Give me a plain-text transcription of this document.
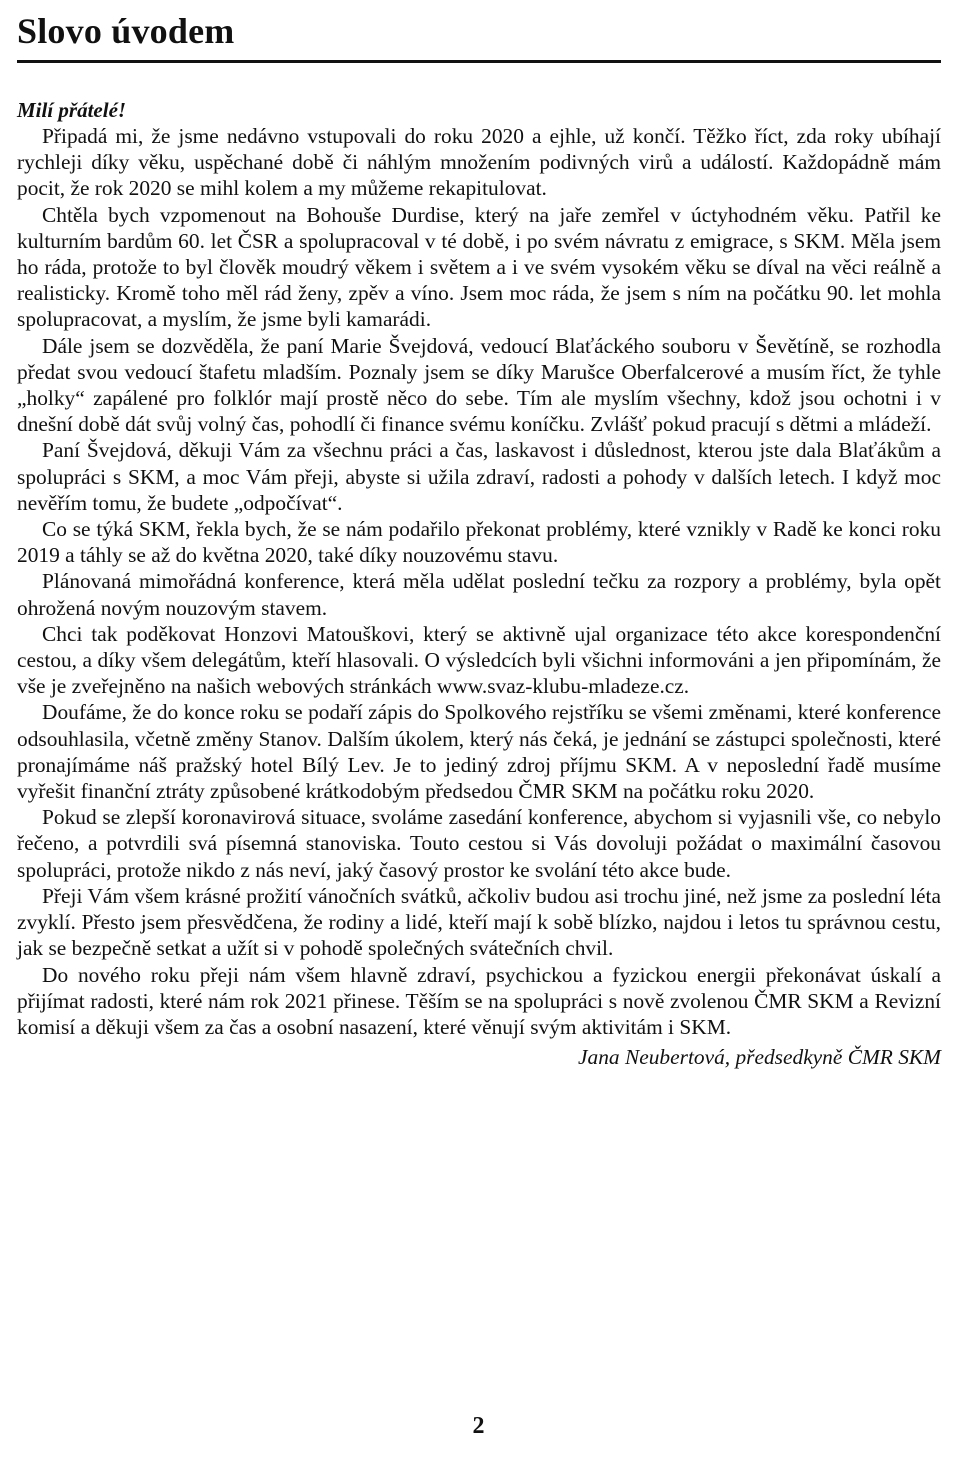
Slovo úvodem

Milí přátelé!

Připadá mi, že jsme nedávno vstupovali do roku 2020 a ejhle, už končí. Těžko říct, zda roky ubíhají rychleji díky věku, uspěchané době či náhlým množením podivných virů a událostí. Každopádně mám pocit, že rok 2020 se mihl kolem a my můžeme rekapitulovat.

Chtěla bych vzpomenout na Bohouše Durdise, který na jaře zemřel v úctyhodném věku. Patřil ke kulturním bardům 60. let ČSR a spolupracoval v té době, i po svém návratu z emigrace, s SKM. Měla jsem ho ráda, protože to byl člověk moudrý věkem i světem a i ve svém vysokém věku se díval na věci reálně a realisticky. Kromě toho měl rád ženy, zpěv a víno. Jsem moc ráda, že jsem s ním na počátku 90. let mohla spolupracovat, a myslím, že jsme byli kamarádi.

Dále jsem se dozvěděla, že paní Marie Švejdová, vedoucí Blaťáckého souboru v Ševětíně, se rozhodla předat svou vedoucí štafetu mladším. Poznaly jsem se díky Marušce Oberfalcerové a musím říct, že tyhle „holky“ zapálené pro folklór mají prostě něco do sebe. Tím ale myslím všechny, kdož jsou ochotni i v dnešní době dát svůj volný čas, pohodlí či finance svému koníčku. Zvlášť pokud pracují s dětmi a mládeží.

Paní Švejdová, děkuji Vám za všechnu práci a čas, laskavost i důslednost, kterou jste dala Blaťákům a spolupráci s SKM, a moc Vám přeji, abyste si užila zdraví, radosti a pohody v dalších letech. I když moc nevěřím tomu, že budete „odpočívat“.

Co se týká SKM, řekla bych, že se nám podařilo překonat problémy, které vznikly v Radě ke konci roku 2019 a táhly se až do května 2020, také díky nouzovému stavu.

Plánovaná mimořádná konference, která měla udělat poslední tečku za rozpory a problémy, byla opět ohrožená novým nouzovým stavem.

Chci tak poděkovat Honzovi Matouškovi, který se aktivně ujal organizace této akce korespondenční cestou, a díky všem delegátům, kteří hlasovali. O výsledcích byli všichni informováni a jen připomínám, že vše je zveřejněno na našich webových stránkách www.svaz-klubu-mladeze.cz.

Doufáme, že do konce roku se podaří zápis do Spolkového rejstříku se všemi změnami, které konference odsouhlasila, včetně změny Stanov. Dalším úkolem, který nás čeká, je jednání se zástupci společnosti, které pronajímáme náš pražský hotel Bílý Lev. Je to jediný zdroj příjmu SKM. A v neposlední řadě musíme vyřešit finanční ztráty způsobené krátkodobým předsedou ČMR SKM na počátku roku 2020.

Pokud se zlepší koronavirová situace, svoláme zasedání konference, abychom si vyjasnili vše, co nebylo řečeno, a potvrdili svá písemná stanoviska. Touto cestou si Vás dovoluji požádat o maximální časovou spolupráci, protože nikdo z nás neví, jaký časový prostor ke svolání této akce bude.

Přeji Vám všem krásné prožití vánočních svátků, ačkoliv budou asi trochu jiné, než jsme za poslední léta zvyklí. Přesto jsem přesvědčena, že rodiny a lidé, kteří mají k sobě blízko, najdou i letos tu správnou cestu, jak se bezpečně setkat a užít si v pohodě společných svátečních chvil.

Do nového roku přeji nám všem hlavně zdraví, psychickou a fyzickou energii překonávat úskalí a přijímat radosti, které nám rok 2021 přinese. Těším se na spolupráci s nově zvolenou ČMR SKM a Revizní komisí a děkuji všem za čas a osobní nasazení, které věnují svým aktivitám i SKM.

Jana Neubertová, předsedkyně ČMR SKM

2
